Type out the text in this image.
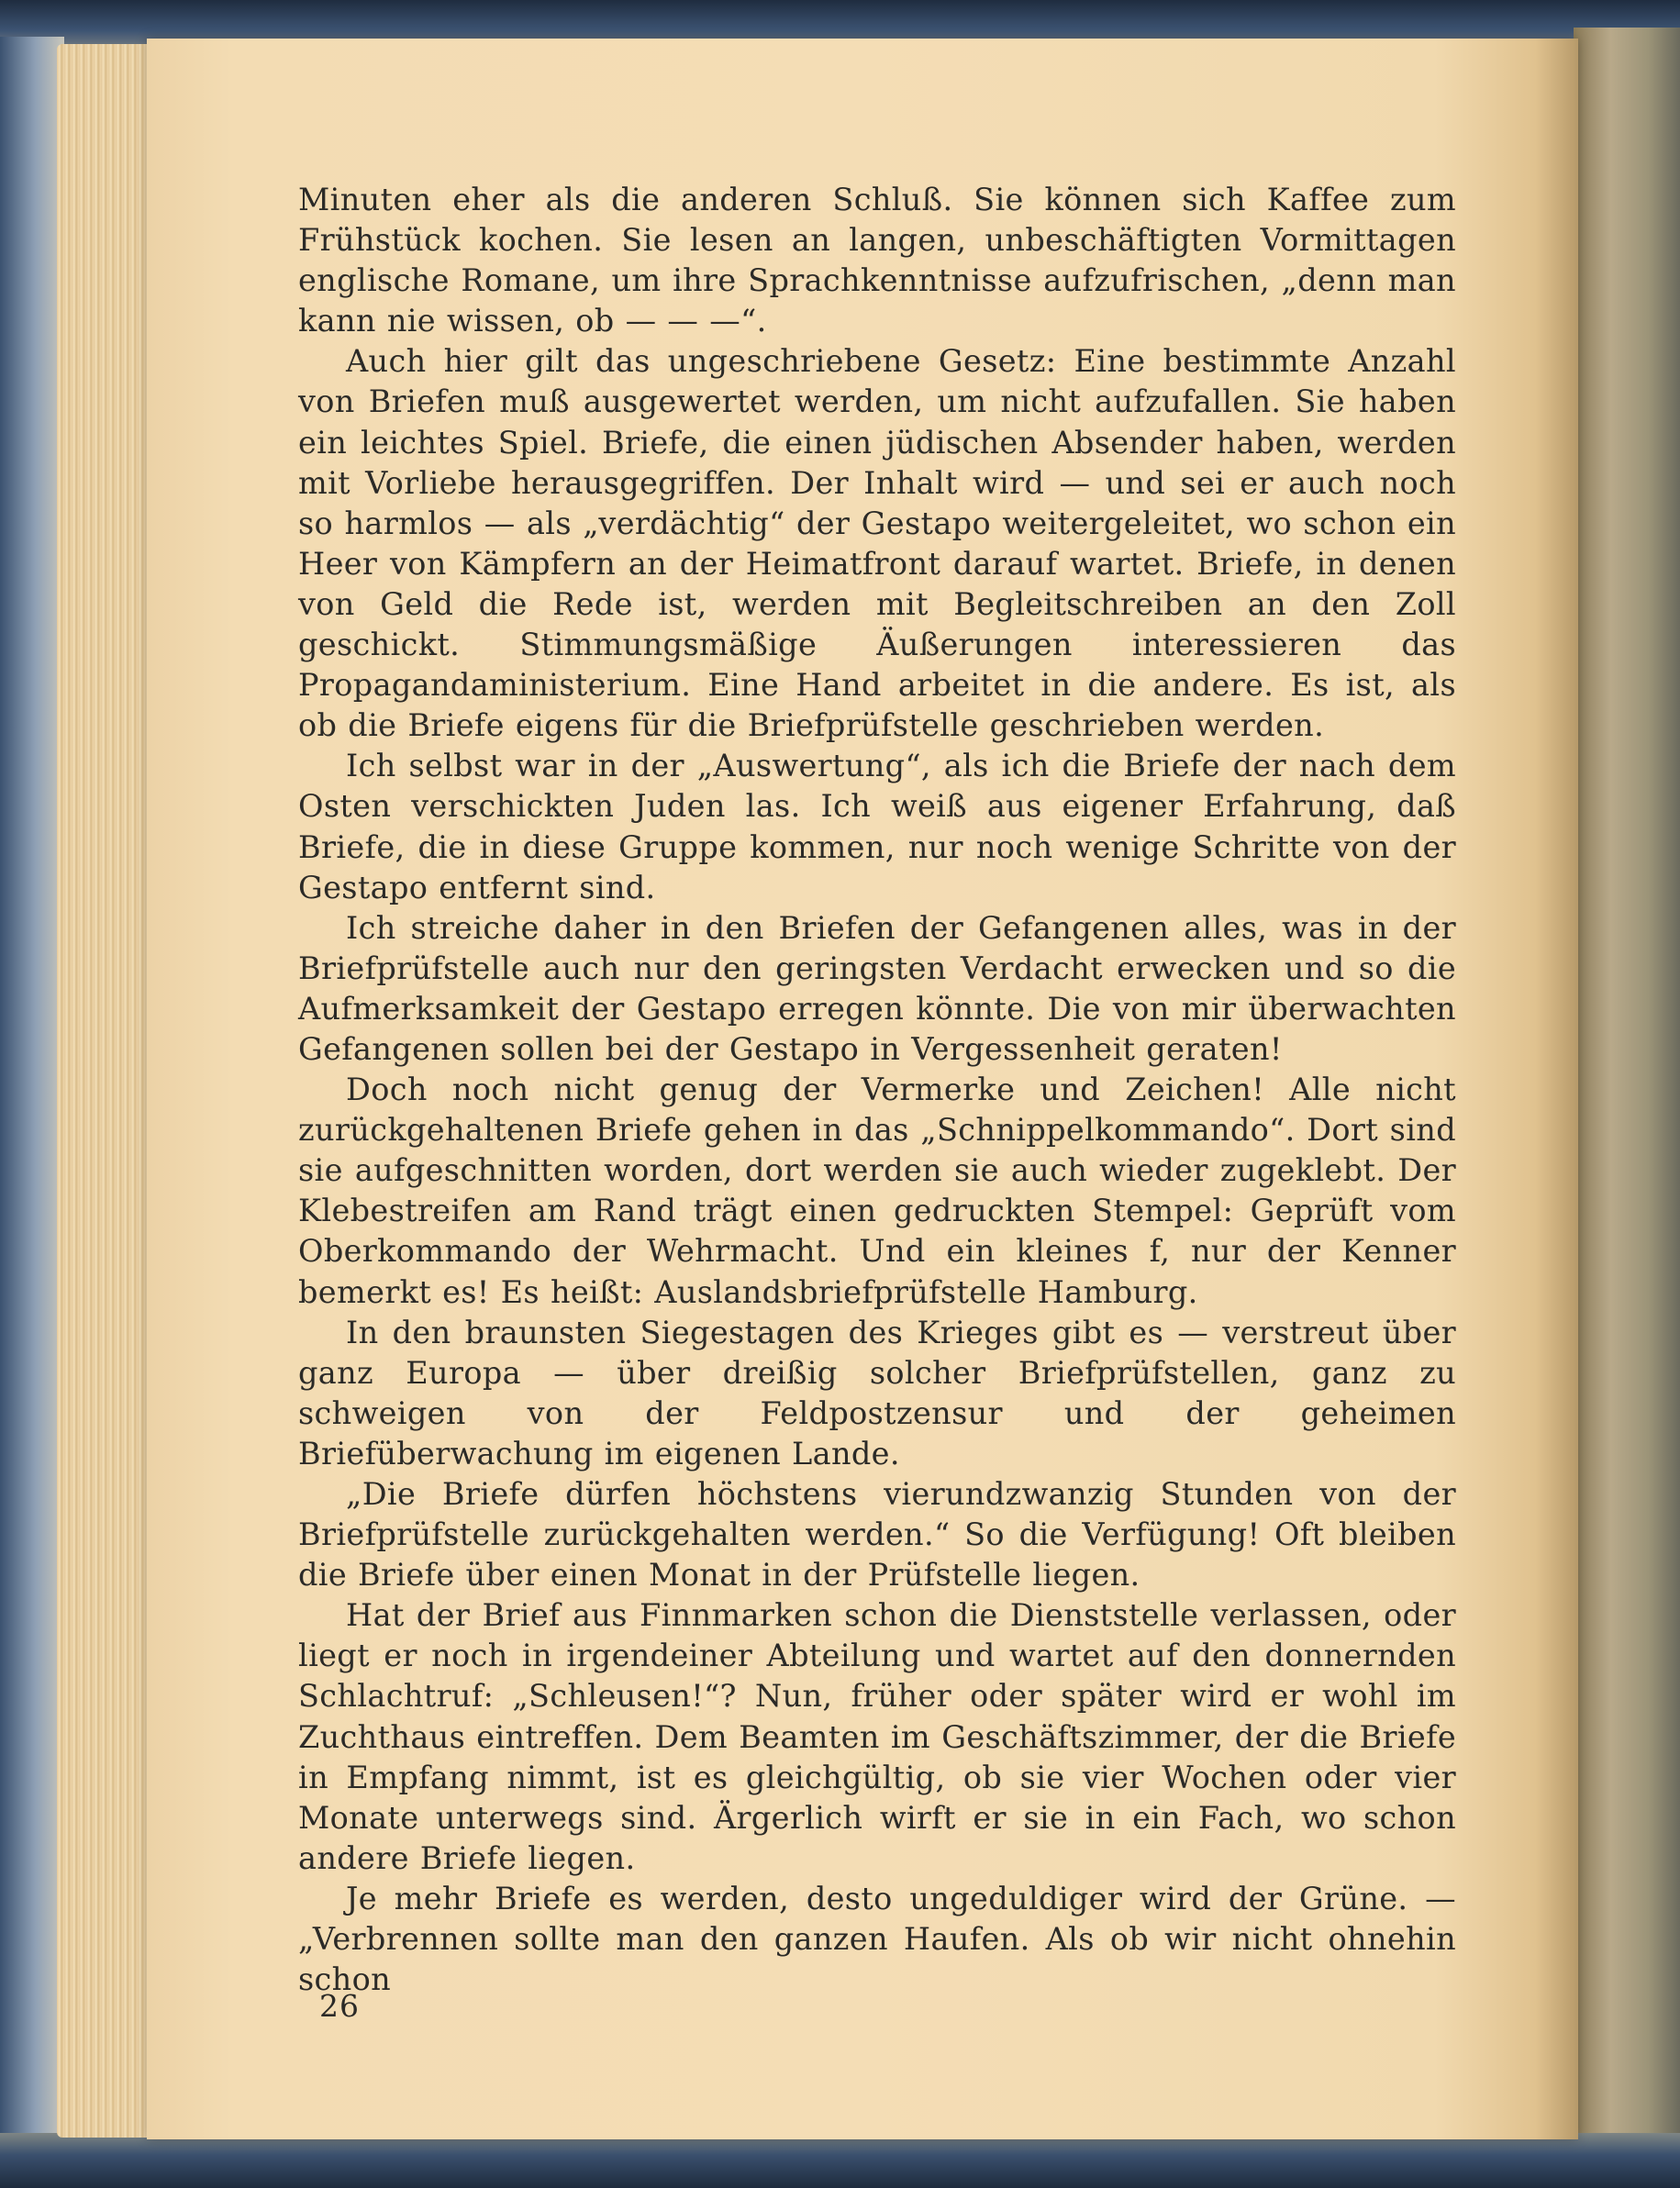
Minuten eher als die anderen Schluß. Sie können sich Kaffee zum Frühstück kochen. Sie lesen an langen, unbeschäftigten Vormittagen englische Romane, um ihre Sprachkenntnisse aufzufrischen, „denn man kann nie wissen, ob — — —“.

Auch hier gilt das ungeschriebene Gesetz: Eine bestimmte Anzahl von Briefen muß ausgewertet werden, um nicht aufzufallen. Sie haben ein leichtes Spiel. Briefe, die einen jüdischen Absender haben, werden mit Vorliebe herausgegriffen. Der Inhalt wird — und sei er auch noch so harmlos — als „verdächtig“ der Gestapo weitergeleitet, wo schon ein Heer von Kämpfern an der Heimatfront darauf wartet. Briefe, in denen von Geld die Rede ist, werden mit Begleitschreiben an den Zoll geschickt. Stimmungsmäßige Äußerungen interessieren das Propagandaministerium. Eine Hand arbeitet in die andere. Es ist, als ob die Briefe eigens für die Briefprüfstelle geschrieben werden.

Ich selbst war in der „Auswertung“, als ich die Briefe der nach dem Osten verschickten Juden las. Ich weiß aus eigener Erfahrung, daß Briefe, die in diese Gruppe kommen, nur noch wenige Schritte von der Gestapo entfernt sind.

Ich streiche daher in den Briefen der Gefangenen alles, was in der Briefprüfstelle auch nur den geringsten Verdacht erwecken und so die Aufmerksamkeit der Gestapo erregen könnte. Die von mir überwachten Gefangenen sollen bei der Gestapo in Vergessenheit geraten!

Doch noch nicht genug der Vermerke und Zeichen! Alle nicht zurückgehaltenen Briefe gehen in das „Schnippelkommando“. Dort sind sie aufgeschnitten worden, dort werden sie auch wieder zugeklebt. Der Klebestreifen am Rand trägt einen gedruckten Stempel: Geprüft vom Oberkommando der Wehrmacht. Und ein kleines f, nur der Kenner bemerkt es! Es heißt: Auslandsbriefprüfstelle Hamburg.

In den braunsten Siegestagen des Krieges gibt es — verstreut über ganz Europa — über dreißig solcher Briefprüfstellen, ganz zu schweigen von der Feldpostzensur und der geheimen Briefüberwachung im eigenen Lande.

„Die Briefe dürfen höchstens vierundzwanzig Stunden von der Briefprüfstelle zurückgehalten werden.“ So die Verfügung! Oft bleiben die Briefe über einen Monat in der Prüfstelle liegen.

Hat der Brief aus Finnmarken schon die Dienststelle verlassen, oder liegt er noch in irgendeiner Abteilung und wartet auf den donnernden Schlachtruf: „Schleusen!“? Nun, früher oder später wird er wohl im Zuchthaus eintreffen. Dem Beamten im Geschäftszimmer, der die Briefe in Empfang nimmt, ist es gleichgültig, ob sie vier Wochen oder vier Monate unterwegs sind. Ärgerlich wirft er sie in ein Fach, wo schon andere Briefe liegen.

Je mehr Briefe es werden, desto ungeduldiger wird der Grüne. — „Verbrennen sollte man den ganzen Haufen. Als ob wir nicht ohnehin schon

26
